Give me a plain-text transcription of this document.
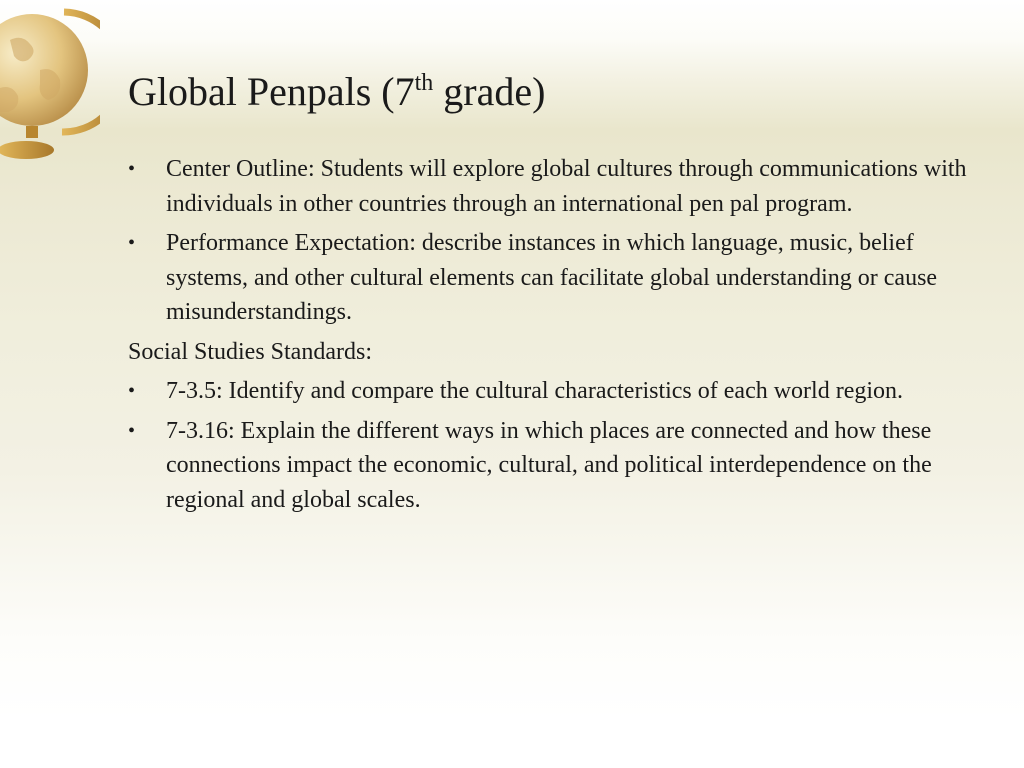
Global Penpals (7th grade)
• Center Outline: Students will explore global cultures through communications with individuals in other countries through an international pen pal program.
• Performance Expectation: describe instances in which language, music, belief systems, and other cultural elements can facilitate global understanding or cause misunderstandings.
Social Studies Standards:
• 7-3.5: Identify and compare the cultural characteristics of each world region.
• 7-3.16: Explain the different ways in which places are connected and how these connections impact the economic, cultural, and political interdependence on the regional and global scales.
